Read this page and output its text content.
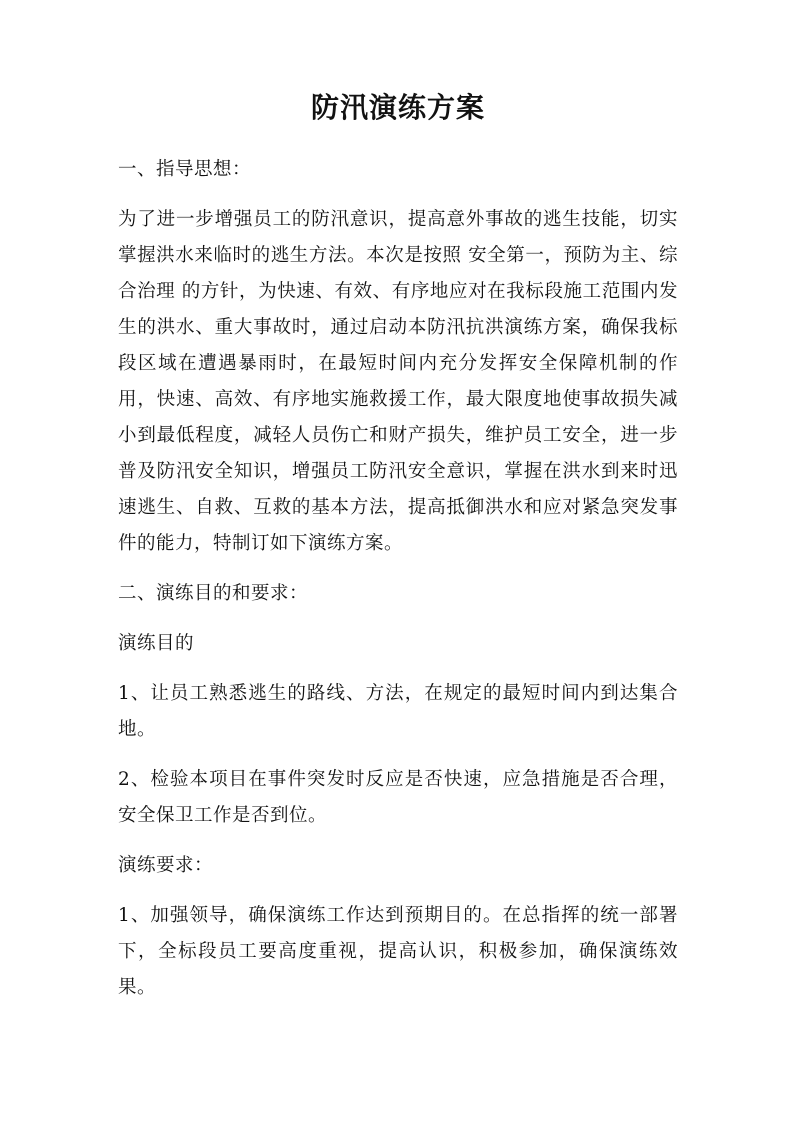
防汛演练方案

一、指导思想：

为了进一步增强员工的防汛意识，提高意外事故的逃生技能，切实掌握洪水来临时的逃生方法。本次是按照 安全第一，预防为主、综合治理 的方针，为快速、有效、有序地应对在我标段施工范围内发生的洪水、重大事故时，通过启动本防汛抗洪演练方案，确保我标段区域在遭遇暴雨时，在最短时间内充分发挥安全保障机制的作用，快速、高效、有序地实施救援工作，最大限度地使事故损失减小到最低程度，减轻人员伤亡和财产损失，维护员工安全，进一步普及防汛安全知识，增强员工防汛安全意识，掌握在洪水到来时迅速逃生、自救、互救的基本方法，提高抵御洪水和应对紧急突发事件的能力，特制订如下演练方案。

二、演练目的和要求：

演练目的

1、让员工熟悉逃生的路线、方法，在规定的最短时间内到达集合地。

2、检验本项目在事件突发时反应是否快速，应急措施是否合理，安全保卫工作是否到位。

演练要求：

1、加强领导，确保演练工作达到预期目的。在总指挥的统一部署下，全标段员工要高度重视，提高认识，积极参加，确保演练效果。
